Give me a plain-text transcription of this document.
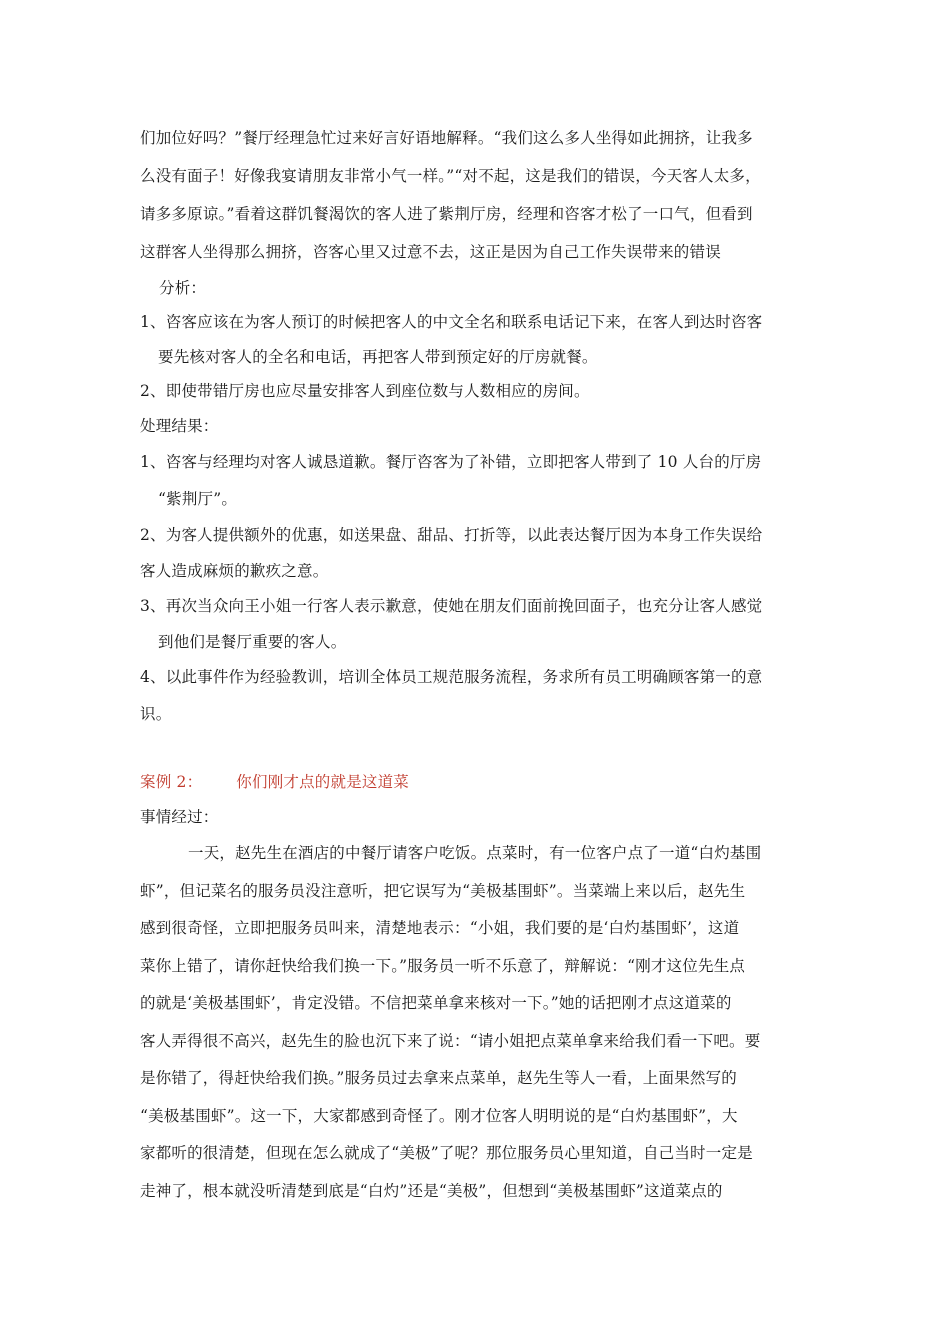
们加位好吗？”餐厅经理急忙过来好言好语地解释。“我们这么多人坐得如此拥挤，让我多
么没有面子！好像我宴请朋友非常小气一样。”“对不起，这是我们的错误，今天客人太多，
请多多原谅。”看着这群饥餐渴饮的客人进了紫荆厅房，经理和咨客才松了一口气，但看到
这群客人坐得那么拥挤，咨客心里又过意不去，这正是因为自己工作失误带来的错误
分析：
1、咨客应该在为客人预订的时候把客人的中文全名和联系电话记下来，在客人到达时咨客
要先核对客人的全名和电话，再把客人带到预定好的厅房就餐。
2、即使带错厅房也应尽量安排客人到座位数与人数相应的房间。
处理结果：
1、咨客与经理均对客人诚恳道歉。餐厅咨客为了补错，立即把客人带到了 10 人台的厅房
“紫荆厅”。
2、为客人提供额外的优惠，如送果盘、甜品、打折等，以此表达餐厅因为本身工作失误给
客人造成麻烦的歉疚之意。
3、再次当众向王小姐一行客人表示歉意，使她在朋友们面前挽回面子，也充分让客人感觉
到他们是餐厅重要的客人。
4、以此事件作为经验教训，培训全体员工规范服务流程，务求所有员工明确顾客第一的意
识。
案例 2： 你们刚才点的就是这道菜
事情经过：
一天，赵先生在酒店的中餐厅请客户吃饭。点菜时，有一位客户点了一道“白灼基围
虾”，但记菜名的服务员没注意听，把它误写为“美极基围虾”。当菜端上来以后，赵先生
感到很奇怪，立即把服务员叫来，清楚地表示：“小姐，我们要的是‘白灼基围虾’，这道
菜你上错了，请你赶快给我们换一下。”服务员一听不乐意了，辩解说：“刚才这位先生点
的就是‘美极基围虾’，肯定没错。不信把菜单拿来核对一下。”她的话把刚才点这道菜的
客人弄得很不高兴，赵先生的脸也沉下来了说：“请小姐把点菜单拿来给我们看一下吧。要
是你错了，得赶快给我们换。”服务员过去拿来点菜单，赵先生等人一看，上面果然写的
“美极基围虾”。这一下，大家都感到奇怪了。刚才位客人明明说的是“白灼基围虾”，大
家都听的很清楚，但现在怎么就成了“美极”了呢？那位服务员心里知道，自己当时一定是
走神了，根本就没听清楚到底是“白灼”还是“美极”，但想到“美极基围虾”这道菜点的
